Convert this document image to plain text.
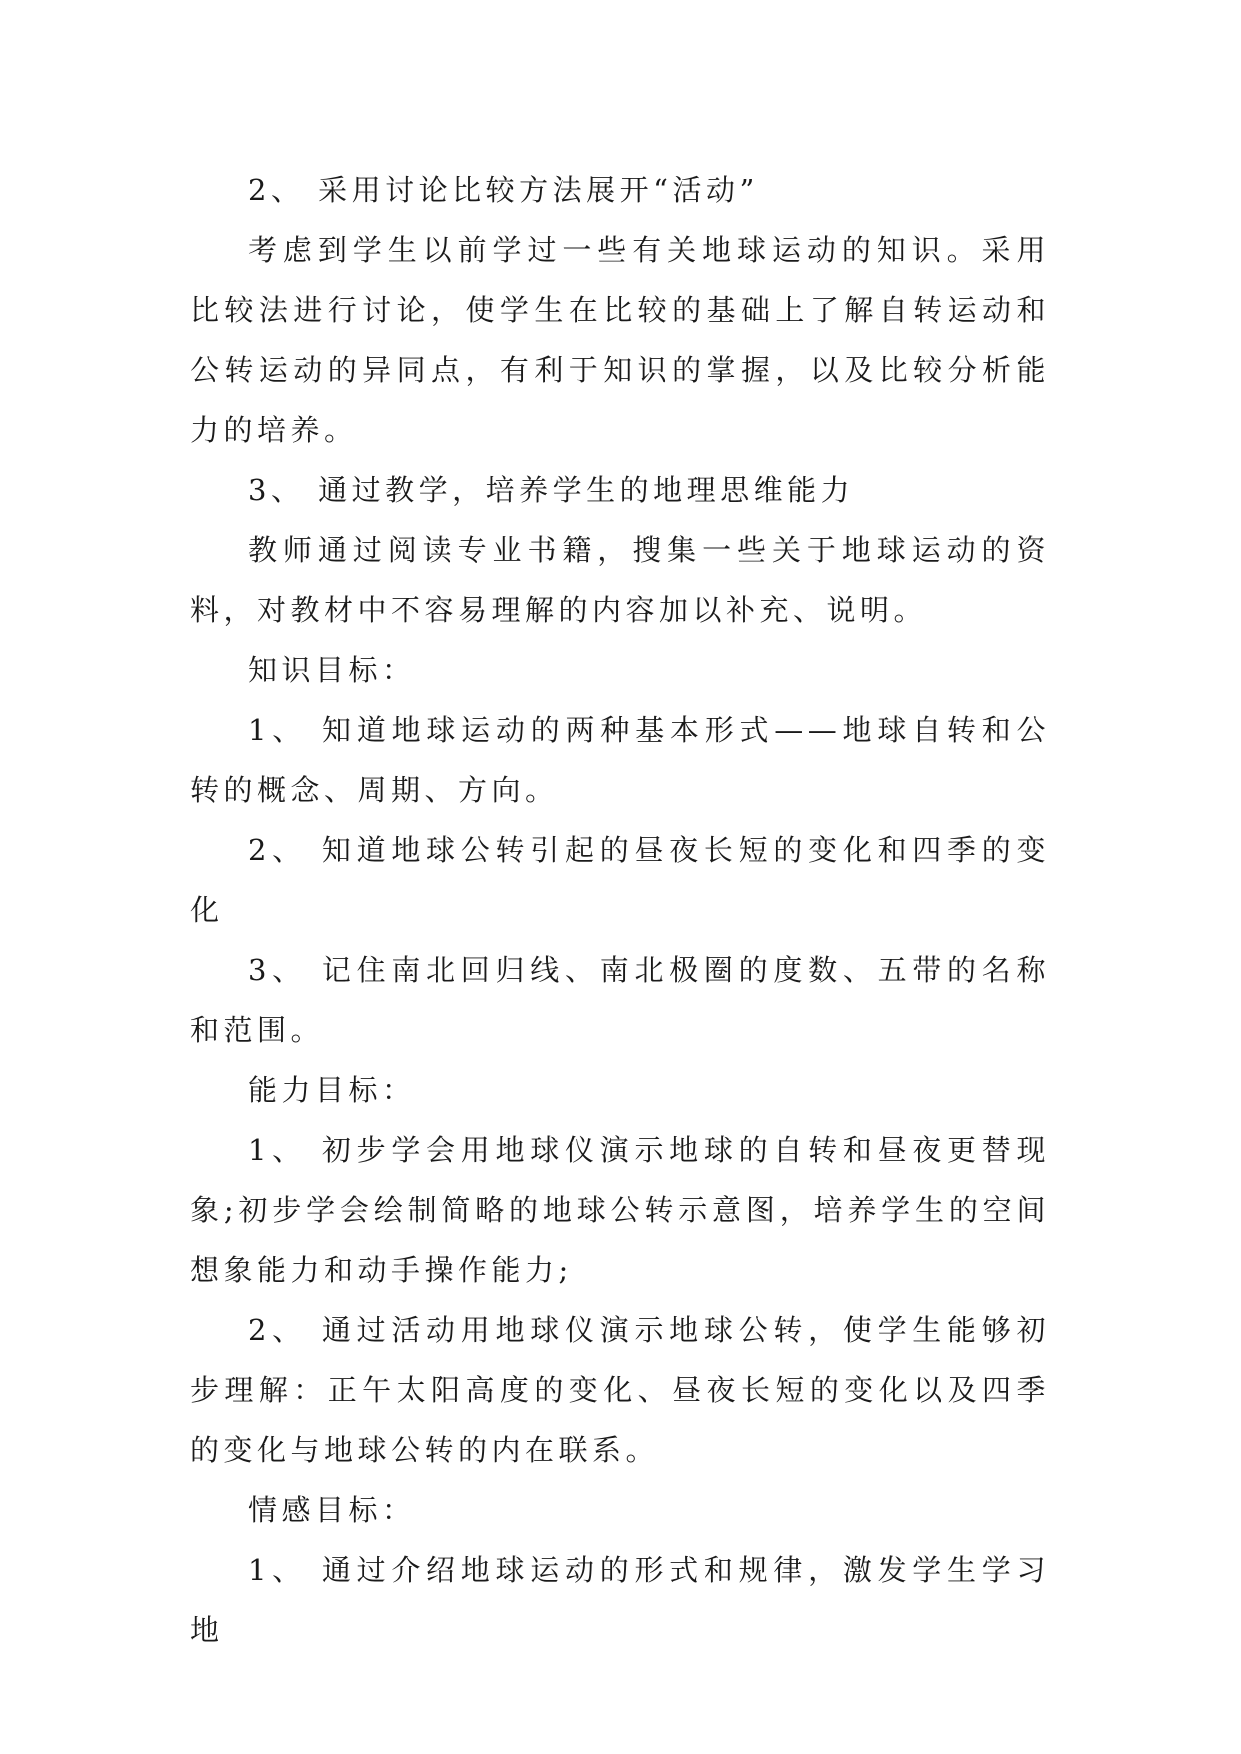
2、 采用讨论比较方法展开“活动”

考虑到学生以前学过一些有关地球运动的知识。采用比较法进行讨论，使学生在比较的基础上了解自转运动和公转运动的异同点，有利于知识的掌握，以及比较分析能力的培养。

3、 通过教学，培养学生的地理思维能力

教师通过阅读专业书籍，搜集一些关于地球运动的资料，对教材中不容易理解的内容加以补充、说明。

知识目标：

1、 知道地球运动的两种基本形式——地球自转和公转的概念、周期、方向。

2、 知道地球公转引起的昼夜长短的变化和四季的变化

3、 记住南北回归线、南北极圈的度数、五带的名称和范围。

能力目标：

1、 初步学会用地球仪演示地球的自转和昼夜更替现象;初步学会绘制简略的地球公转示意图，培养学生的空间想象能力和动手操作能力;

2、 通过活动用地球仪演示地球公转，使学生能够初步理解：正午太阳高度的变化、昼夜长短的变化以及四季的变化与地球公转的内在联系。

情感目标：

1、 通过介绍地球运动的形式和规律，激发学生学习地
